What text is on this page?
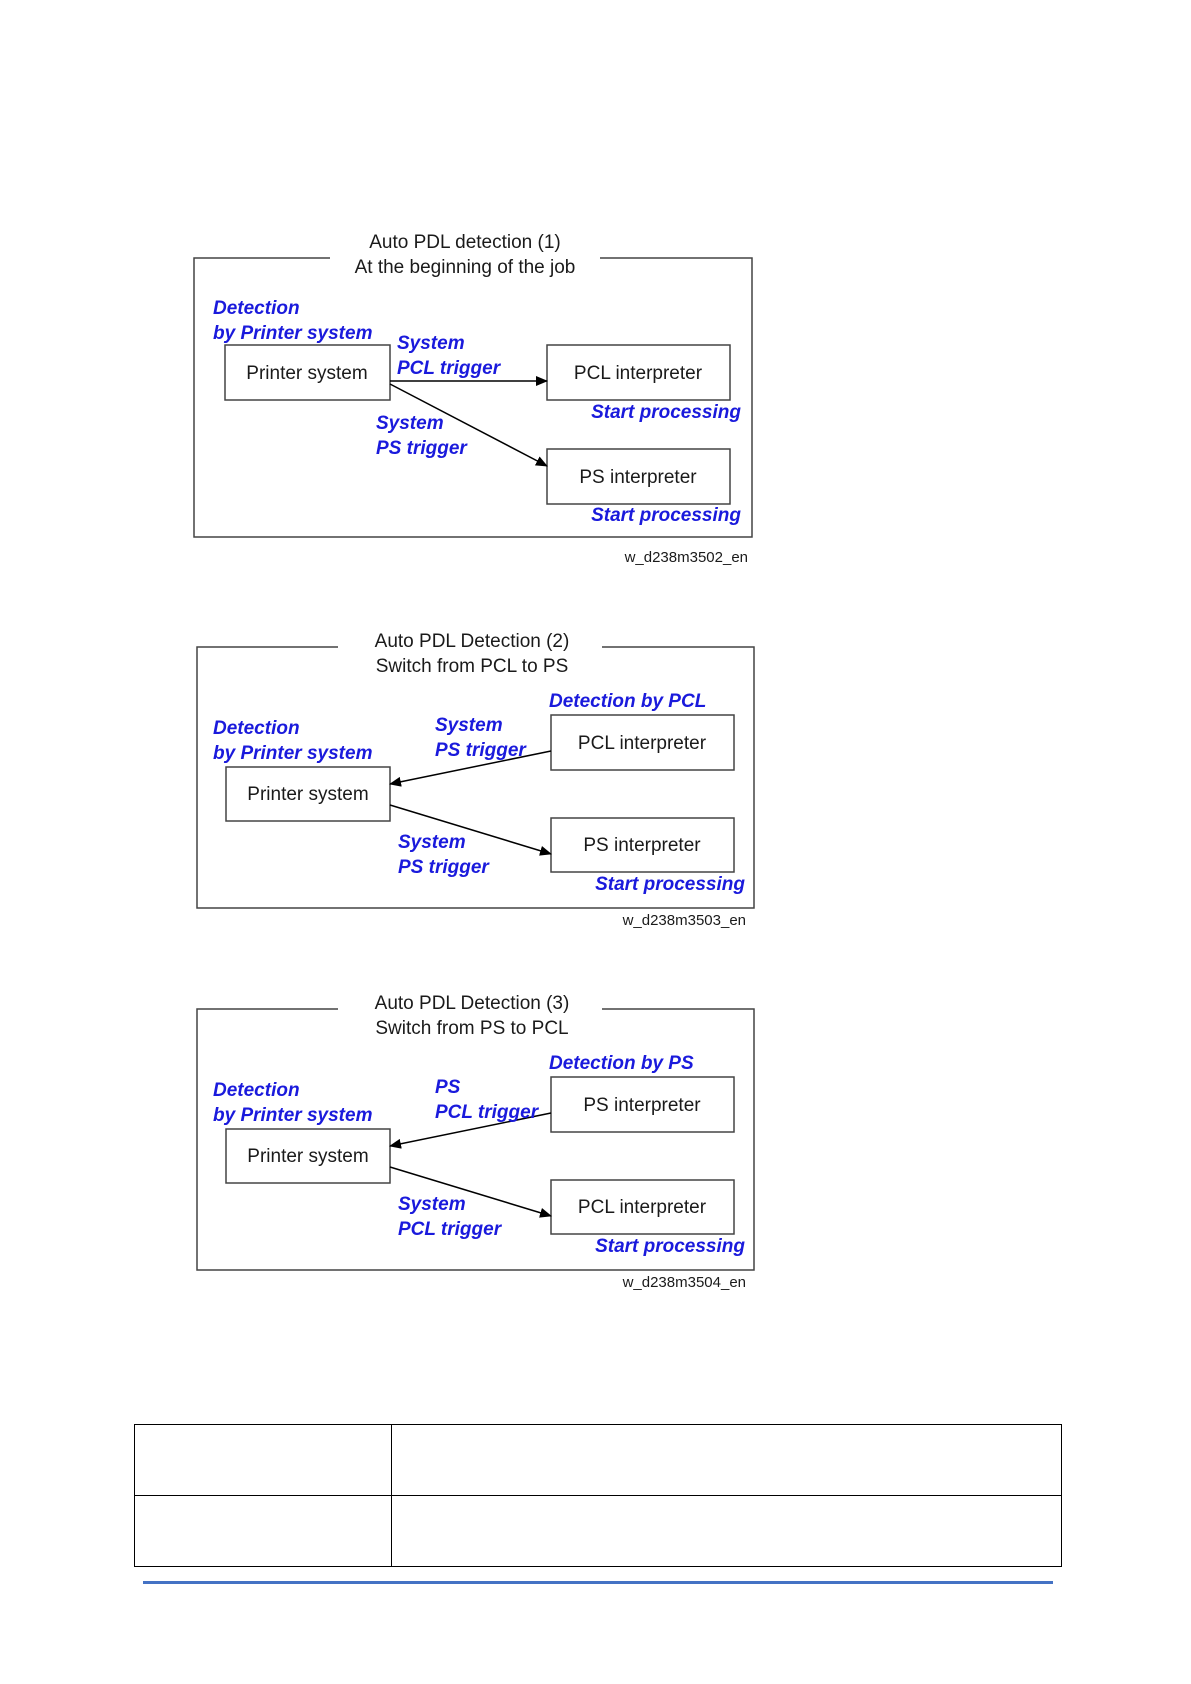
Auto PDL detection (1)
At the beginning of the job
Detection
by Printer system
Printer system	PCL interpreter
PS interpreter
System
PCL trigger
System
PS trigger
Start processing
Start processing
w_d238m3502_en
Auto PDL Detection (2)
Switch from PCL to PS
Detection by PCL
Detection
by Printer system
Printer system
PCL interpreter
PS interpreter
System
PS trigger
System
PS trigger
Start processing
w_d238m3503_en
Auto PDL Detection (3)
Switch from PS to PCL
Detection by PS
Detection
by Printer system
Printer system
PS interpreter
PCL interpreter
PS
PCL trigger
System
PCL trigger
Start processing
w_d238m3504_en
